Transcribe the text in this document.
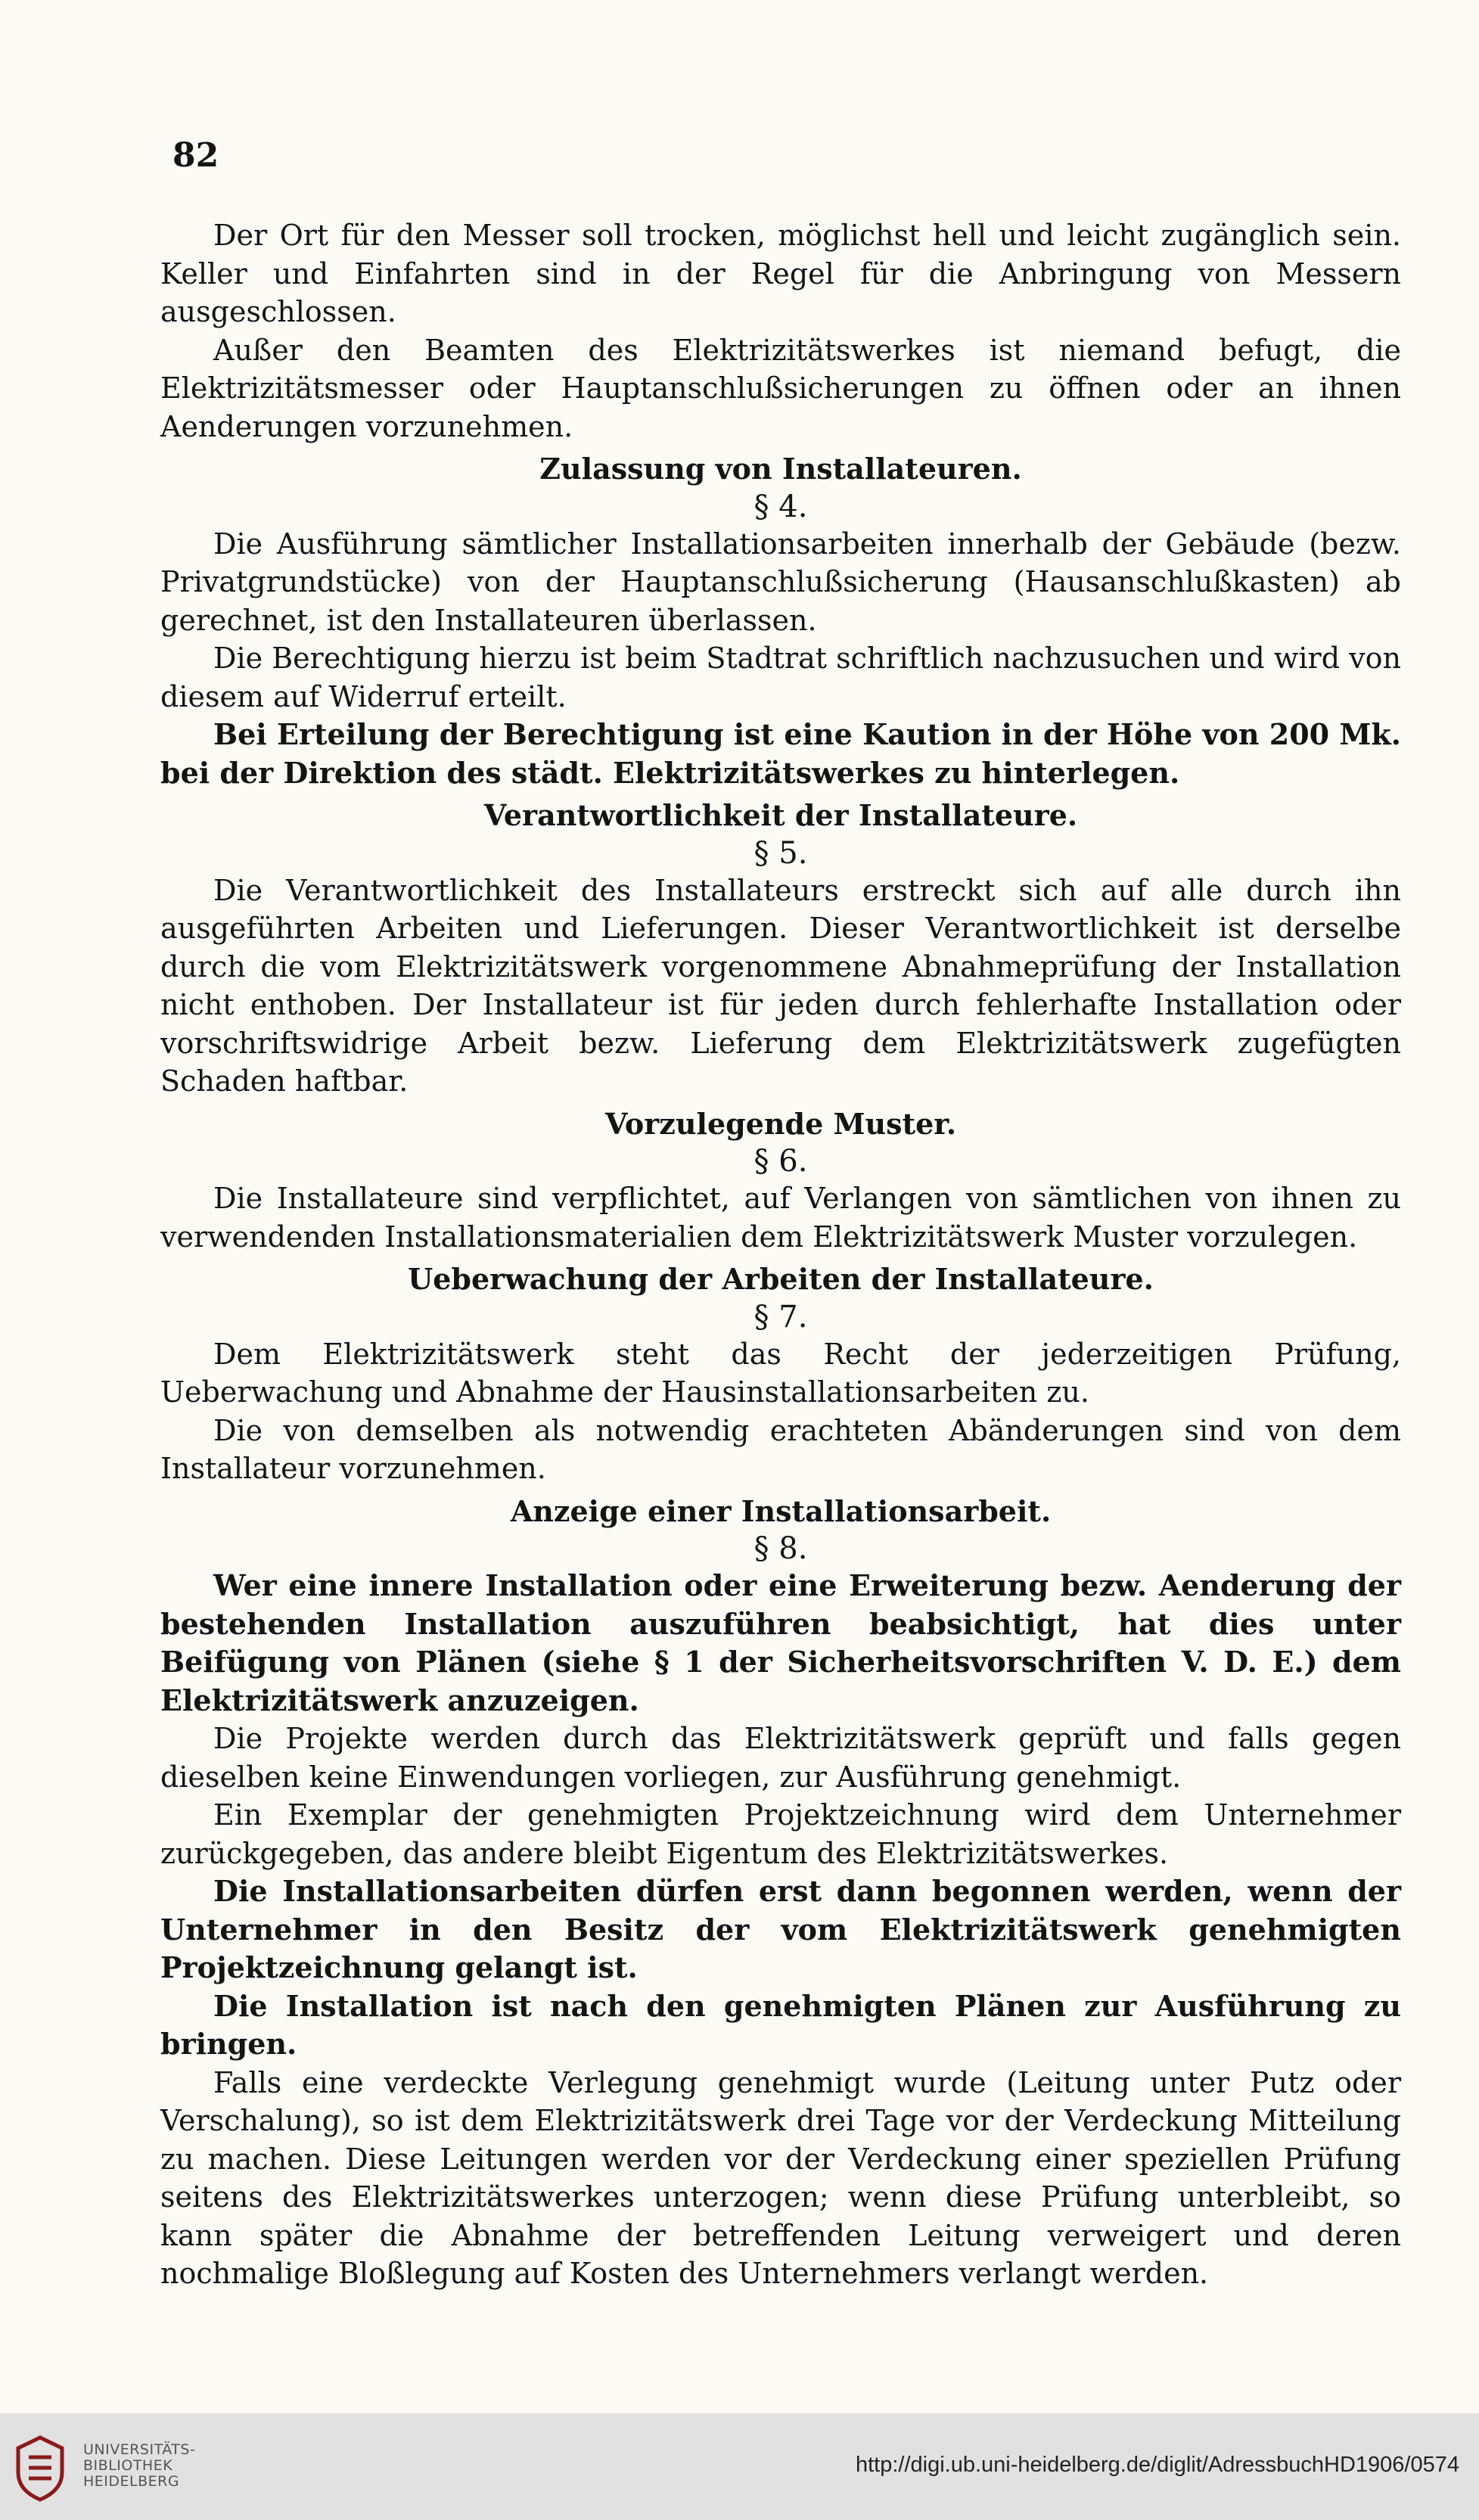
82

Der Ort für den Messer soll trocken, möglichst hell und leicht zugänglich sein. Keller und Einfahrten sind in der Regel für die Anbringung von Messern ausgeschlossen.

Außer den Beamten des Elektrizitätswerkes ist niemand befugt, die Elektrizitätsmesser oder Hauptanschlußsicherungen zu öffnen oder an ihnen Aenderungen vorzunehmen.

Zulassung von Installateuren.
§ 4.

Die Ausführung sämtlicher Installationsarbeiten innerhalb der Gebäude (bezw. Privatgrundstücke) von der Hauptanschlußsicherung (Hausanschlußkasten) ab gerechnet, ist den Installateuren überlassen.

Die Berechtigung hierzu ist beim Stadtrat schriftlich nachzusuchen und wird von diesem auf Widerruf erteilt.

Bei Erteilung der Berechtigung ist eine Kaution in der Höhe von 200 Mk. bei der Direktion des städt. Elektrizitätswerkes zu hinterlegen.

Verantwortlichkeit der Installateure.
§ 5.

Die Verantwortlichkeit des Installateurs erstreckt sich auf alle durch ihn ausgeführten Arbeiten und Lieferungen. Dieser Verantwortlichkeit ist derselbe durch die vom Elektrizitätswerk vorgenommene Abnahmeprüfung der Installation nicht enthoben. Der Installateur ist für jeden durch fehlerhafte Installation oder vorschriftswidrige Arbeit bezw. Lieferung dem Elektrizitätswerk zugefügten Schaden haftbar.

Vorzulegende Muster.
§ 6.

Die Installateure sind verpflichtet, auf Verlangen von sämtlichen von ihnen zu verwendenden Installationsmaterialien dem Elektrizitätswerk Muster vorzulegen.

Ueberwachung der Arbeiten der Installateure.
§ 7.

Dem Elektrizitätswerk steht das Recht der jederzeitigen Prüfung, Ueberwachung und Abnahme der Hausinstallationsarbeiten zu.

Die von demselben als notwendig erachteten Abänderungen sind von dem Installateur vorzunehmen.

Anzeige einer Installationsarbeit.
§ 8.

Wer eine innere Installation oder eine Erweiterung bezw. Aenderung der bestehenden Installation auszuführen beabsichtigt, hat dies unter Beifügung von Plänen (siehe § 1 der Sicherheitsvorschriften V. D. E.) dem Elektrizitätswerk anzuzeigen.

Die Projekte werden durch das Elektrizitätswerk geprüft und falls gegen dieselben keine Einwendungen vorliegen, zur Ausführung genehmigt.

Ein Exemplar der genehmigten Projektzeichnung wird dem Unternehmer zurückgegeben, das andere bleibt Eigentum des Elektrizitätswerkes.

Die Installationsarbeiten dürfen erst dann begonnen werden, wenn der Unternehmer in den Besitz der vom Elektrizitätswerk genehmigten Projektzeichnung gelangt ist.

Die Installation ist nach den genehmigten Plänen zur Ausführung zu bringen.

Falls eine verdeckte Verlegung genehmigt wurde (Leitung unter Putz oder Verschalung), so ist dem Elektrizitätswerk drei Tage vor der Verdeckung Mitteilung zu machen. Diese Leitungen werden vor der Verdeckung einer speziellen Prüfung seitens des Elektrizitätswerkes unterzogen; wenn diese Prüfung unterbleibt, so kann später die Abnahme der betreffenden Leitung verweigert und deren nochmalige Bloßlegung auf Kosten des Unternehmers verlangt werden.

UNIVERSITÄTS-
BIBLIOTHEK
HEIDELBERG
http://digi.ub.uni-heidelberg.de/diglit/AdressbuchHD1906/0574
